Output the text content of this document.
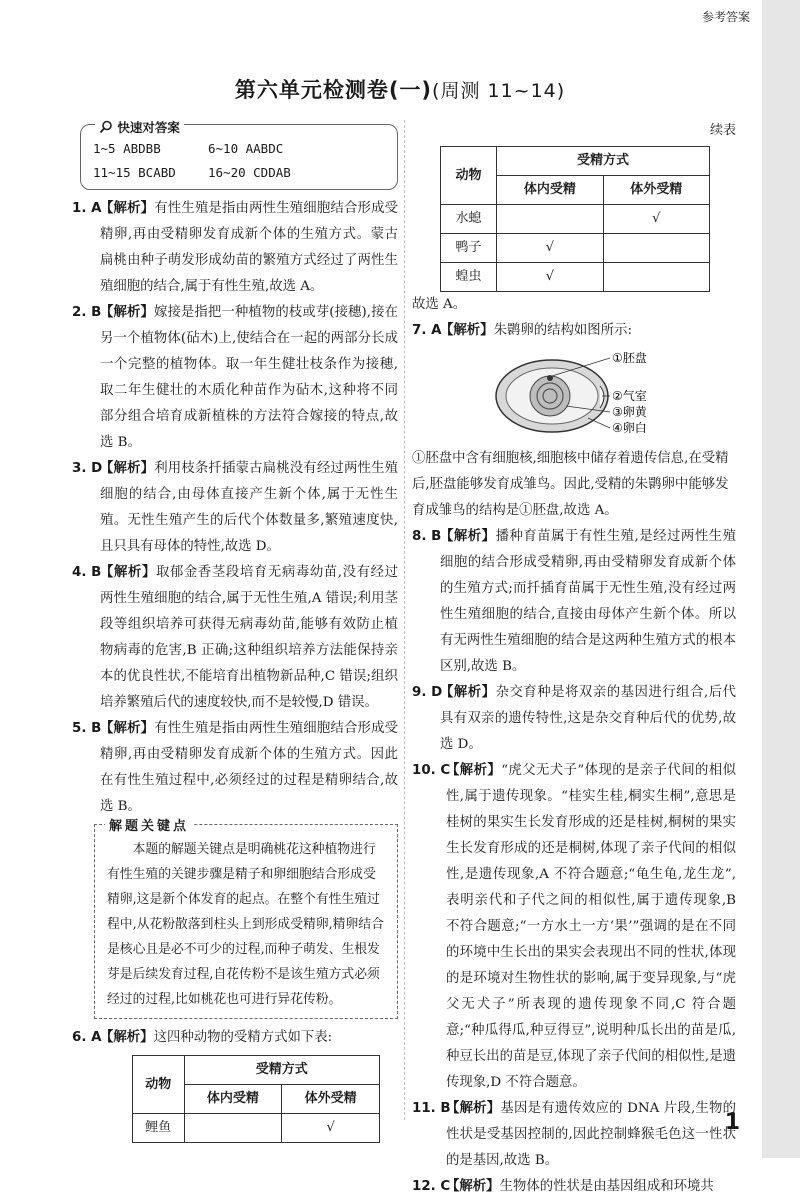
参考答案
第六单元检测卷(一)(周测 11~14)
快速对答案
1~5 ABDBB	6~10 AABDC
11~15 BCABD	16~20 CDDAB
1. A
【解析】有性生殖是指由两性生殖细胞结合形成受精卵,再由受精卵发育成新个体的生殖方式。蒙古扁桃由种子萌发形成幼苗的繁殖方式经过了两性生殖细胞的结合,属于有性生殖,故选 A。
2. B
【解析】嫁接是指把一种植物的枝或芽(接穗),接在另一个植物体(砧木)上,使结合在一起的两部分长成一个完整的植物体。取一年生健壮枝条作为接穗,取二年生健壮的木质化种苗作为砧木,这种将不同部分组合培育成新植株的方法符合嫁接的特点,故选 B。
3. D
【解析】利用枝条扦插蒙古扁桃没有经过两性生殖细胞的结合,由母体直接产生新个体,属于无性生殖。无性生殖产生的后代个体数量多,繁殖速度快,且只具有母体的特性,故选 D。
4. B
【解析】取郁金香茎段培育无病毒幼苗,没有经过两性生殖细胞的结合,属于无性生殖,A 错误;利用茎段等组织培养可获得无病毒幼苗,能够有效防止植物病毒的危害,B 正确;这种组织培养方法能保持亲本的优良性状,不能培育出植物新品种,C 错误;组织培养繁殖后代的速度较快,而不是较慢,D 错误。
5. B
【解析】有性生殖是指由两性生殖细胞结合形成受精卵,再由受精卵发育成新个体的生殖方式。因此在有性生殖过程中,必须经过的过程是精卵结合,故选 B。
解题关键点
本题的解题关键点是明确桃花这种植物进行有性生殖的关键步骤是精子和卵细胞结合形成受精卵,这是新个体发育的起点。在整个有性生殖过程中,从花粉散落到柱头上到形成受精卵,精卵结合是核心且是必不可少的过程,而种子萌发、生根发芽是后续发育过程,自花传粉不是该生殖方式必须经过的过程,比如桃花也可进行异花传粉。
6. A
【解析】这四种动物的受精方式如下表:
动物	受精方式	
	体内受精	体外受精
鲤鱼		√
续表
动物	受精方式	
	体内受精	体外受精
水螅		√
鸭子	√	
蝗虫	√	
故选 A。
7. A
【解析】朱鹮卵的结构如图所示:
①胚盘
②气室
③卵黄
④卵白
①胚盘中含有细胞核,细胞核中储存着遗传信息,在受精后,胚盘能够发育成雏鸟。因此,受精的朱鹮卵中能够发育成雏鸟的结构是①胚盘,故选 A。
8. B
【解析】播种育苗属于有性生殖,是经过两性生殖细胞的结合形成受精卵,再由受精卵发育成新个体的生殖方式;而扦插育苗属于无性生殖,没有经过两性生殖细胞的结合,直接由母体产生新个体。所以有无两性生殖细胞的结合是这两种生殖方式的根本区别,故选 B。
9. D
【解析】杂交育种是将双亲的基因进行组合,后代具有双亲的遗传特性,这是杂交育种后代的优势,故选 D。
10. C
【解析】“虎父无犬子”体现的是亲子代间的相似性,属于遗传现象。“桂实生桂,桐实生桐”,意思是桂树的果实生长发育形成的还是桂树,桐树的果实生长发育形成的还是桐树,体现了亲子代间的相似性,是遗传现象,A 不符合题意;“龟生龟,龙生龙”,表明亲代和子代之间的相似性,属于遗传现象,B 不符合题意;“一方水土一方‘果’”强调的是在不同的环境中生长出的果实会表现出不同的性状,体现的是环境对生物性状的影响,属于变异现象,与“虎父无犬子”所表现的遗传现象不同,C 符合题意;“种瓜得瓜,种豆得豆”,说明种瓜长出的苗是瓜,种豆长出的苗是豆,体现了亲子代间的相似性,是遗传现象,D 不符合题意。
11. B
【解析】基因是有遗传效应的 DNA 片段,生物的性状是受基因控制的,因此控制蜂猴毛色这一性状的是基因,故选 B。
12. C
【解析】生物体的性状是由基因组成和环境共
1
